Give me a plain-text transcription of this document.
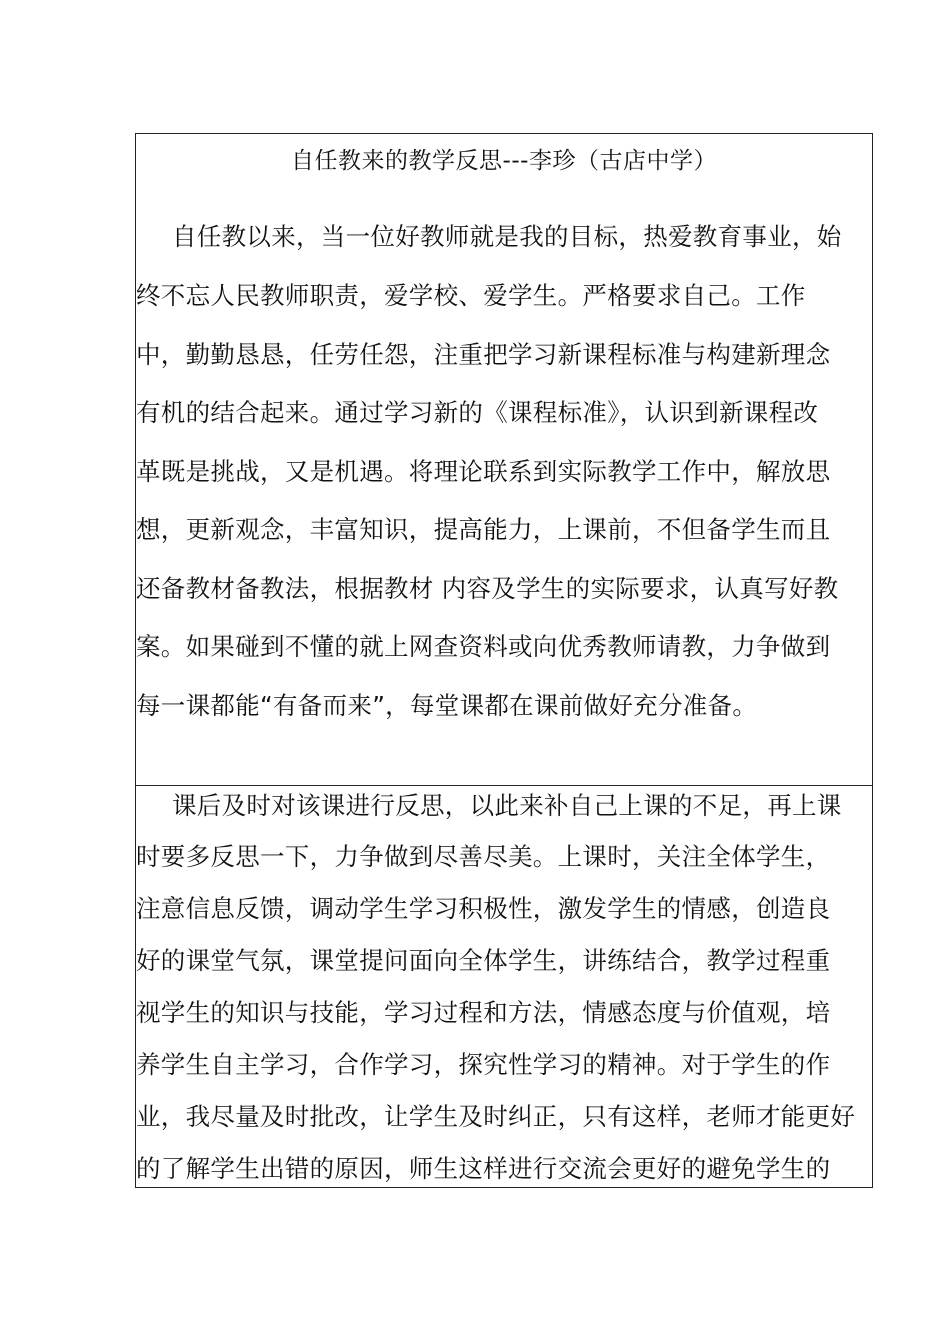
自任教来的教学反思---李珍（古店中学）
自任教以来，当一位好教师就是我的目标，热爱教育事业，始
终不忘人民教师职责，爱学校、爱学生。严格要求自己。工作
中，勤勤恳恳，任劳任怨，注重把学习新课程标准与构建新理念
有机的结合起来。通过学习新的《课程标准》，认识到新课程改
革既是挑战，又是机遇。将理论联系到实际教学工作中，解放思
想，更新观念，丰富知识，提高能力，上课前，不但备学生而且
还备教材备教法，根据教材 内容及学生的实际要求，认真写好教
案。如果碰到不懂的就上网查资料或向优秀教师请教，力争做到
每一课都能“有备而来”，每堂课都在课前做好充分准备。
课后及时对该课进行反思，以此来补自己上课的不足，再上课
时要多反思一下，力争做到尽善尽美。上课时，关注全体学生，
注意信息反馈，调动学生学习积极性，激发学生的情感，创造良
好的课堂气氛，课堂提问面向全体学生，讲练结合，教学过程重
视学生的知识与技能，学习过程和方法，情感态度与价值观，培
养学生自主学习，合作学习，探究性学习的精神。对于学生的作
业，我尽量及时批改，让学生及时纠正，只有这样，老师才能更好
的了解学生出错的原因，师生这样进行交流会更好的避免学生的
